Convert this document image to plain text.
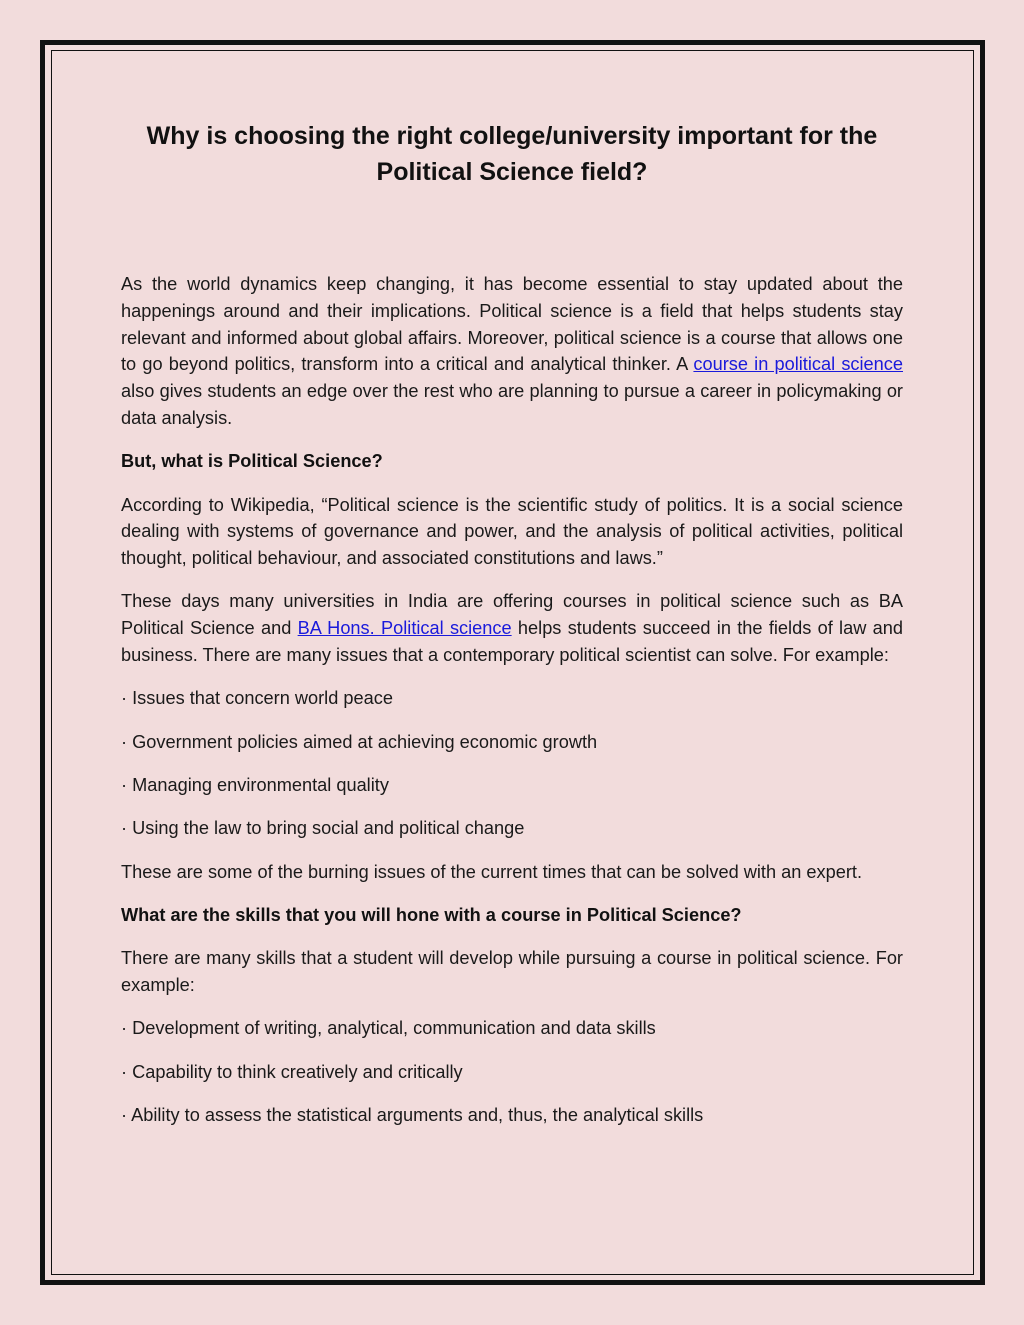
Why is choosing the right college/university important for the Political Science field?

As the world dynamics keep changing, it has become essential to stay updated about the happenings around and their implications. Political science is a field that helps students stay relevant and informed about global affairs. Moreover, political science is a course that allows one to go beyond politics, transform into a critical and analytical thinker. A course in political science also gives students an edge over the rest who are planning to pursue a career in policymaking or data analysis.

But, what is Political Science?

According to Wikipedia, “Political science is the scientific study of politics. It is a social science dealing with systems of governance and power, and the analysis of political activities, political thought, political behaviour, and associated constitutions and laws.”

These days many universities in India are offering courses in political science such as BA Political Science and BA Hons. Political science helps students succeed in the fields of law and business. There are many issues that a contemporary political scientist can solve. For example:

· Issues that concern world peace

· Government policies aimed at achieving economic growth

· Managing environmental quality

· Using the law to bring social and political change

These are some of the burning issues of the current times that can be solved with an expert.

What are the skills that you will hone with a course in Political Science?

There are many skills that a student will develop while pursuing a course in political science. For example:

· Development of writing, analytical, communication and data skills

· Capability to think creatively and critically

· Ability to assess the statistical arguments and, thus, the analytical skills
